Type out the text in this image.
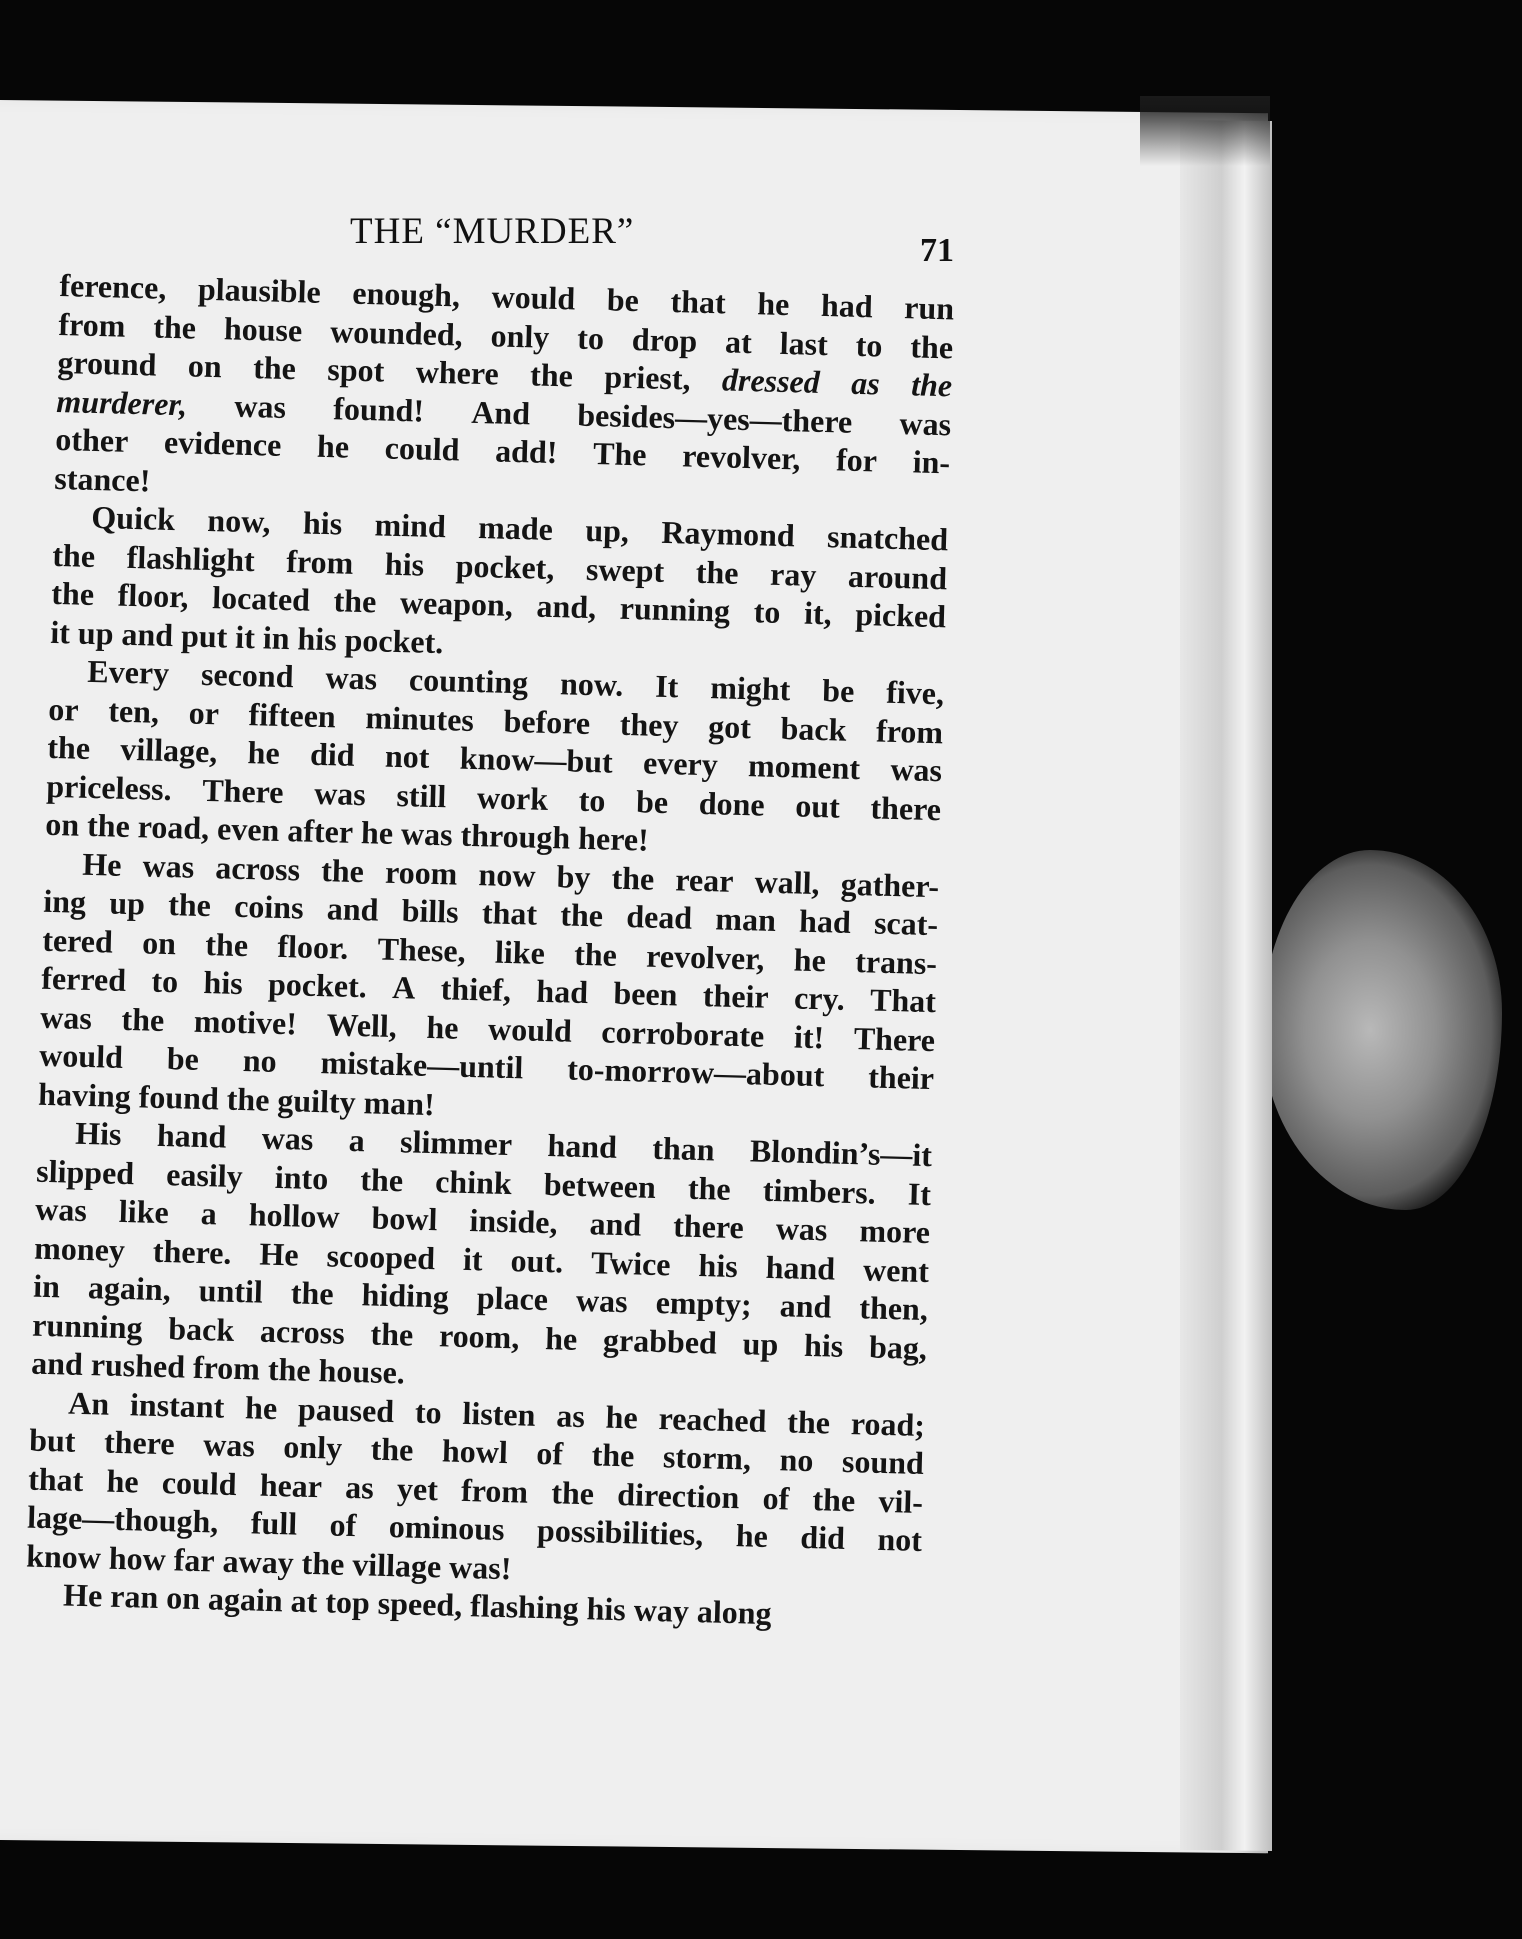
THE “MURDER”	71
ference, plausible enough, would be that he had run
from the house wounded, only to drop at last to the
ground on the spot where the priest, dressed as the
murderer, was found! And besides—yes—there was
other evidence he could add! The revolver, for in-
stance!
Quick now, his mind made up, Raymond snatched
the flashlight from his pocket, swept the ray around
the floor, located the weapon, and, running to it, picked
it up and put it in his pocket.
Every second was counting now. It might be five,
or ten, or fifteen minutes before they got back from
the village, he did not know—but every moment was
priceless. There was still work to be done out there
on the road, even after he was through here!
He was across the room now by the rear wall, gather-
ing up the coins and bills that the dead man had scat-
tered on the floor. These, like the revolver, he trans-
ferred to his pocket. A thief, had been their cry. That
was the motive! Well, he would corroborate it! There
would be no mistake—until to-morrow—about their
having found the guilty man!
His hand was a slimmer hand than Blondin’s—it
slipped easily into the chink between the timbers. It
was like a hollow bowl inside, and there was more
money there. He scooped it out. Twice his hand went
in again, until the hiding place was empty; and then,
running back across the room, he grabbed up his bag,
and rushed from the house.
An instant he paused to listen as he reached the road;
but there was only the howl of the storm, no sound
that he could hear as yet from the direction of the vil-
lage—though, full of ominous possibilities, he did not
know how far away the village was!
He ran on again at top speed, flashing his way along
